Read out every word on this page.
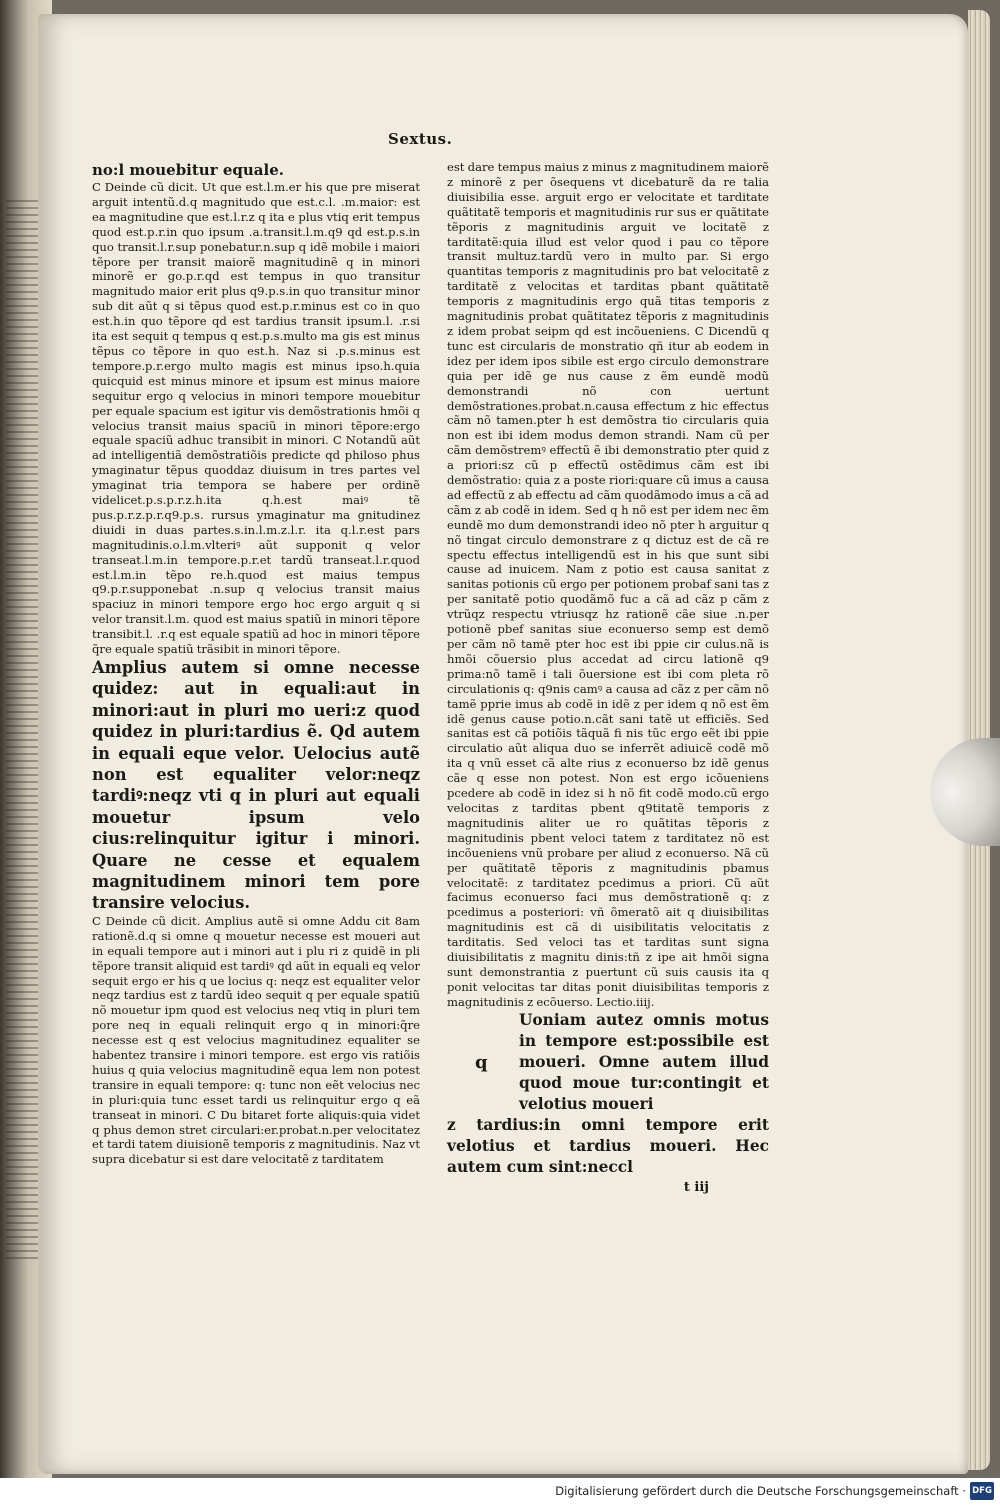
Sextus.
no:l mouebitur equale.
C Deinde cũ dicit. Ut que est.l.m.er his que pre miserat arguit intentũ.d.q magnitudo que est.c.l. .m.maior: est ea magnitudine que est.l.r.z q ita e plus vtiq erit tempus quod est.p.r.in quo ipsum .a.transit.l.m.q9 qd est.p.s.in quo transit.l.r.sup ponebatur.n.sup q idẽ mobile i maiori tẽpore per transit maiorẽ magnitudinẽ q in minori minorẽ er go.p.r.qd est tempus in quo transitur magnitudo maior erit plus q9.p.s.in quo transitur minor sub dit aũt q si tẽpus quod est.p.r.minus est co in quo est.h.in quo tẽpore qd est tardius transit ipsum.l. .r.si ita est sequit q tempus q est.p.s.multo ma gis est minus tẽpus co tẽpore in quo est.h. Naz si .p.s.minus est tempore.p.r.ergo multo magis est minus ipso.h.quia quicquid est minus minore et ipsum est minus maiore sequitur ergo q velocius in minori tempore mouebitur per equale spacium est igitur vis demõstrationis hmõi q velocius transit maius spaciũ in minori tẽpore:ergo equale spaciũ adhuc transibit in minori. C Notandũ aũt ad intelligentiã demõstratiõis predicte qd philoso phus ymaginatur tẽpus quoddaz diuisum in tres partes vel ymaginat tria tempora se habere per ordinẽ videlicet.p.s.p.r.z.h.ita q.h.est maiꝰ tẽ pus.p.r.z.p.r.q9.p.s. rursus ymaginatur ma gnitudinez diuidi in duas partes.s.in.l.m.z.l.r. ita q.l.r.est pars magnitudinis.o.l.m.vlteriꝰ aũt supponit q velor transeat.l.m.in tempore.p.r.et tardũ transeat.l.r.quod est.l.m.in tẽpo re.h.quod est maius tempus q9.p.r.supponebat .n.sup q velocius transit maius spaciuz in minori tempore ergo hoc ergo arguit q si velor transit.l.m. quod est maius spatiũ in minori tẽpore transibit.l. .r.q est equale spatiũ ad hoc in minori tẽpore q̃re equale spatiũ trãsibit in minori tẽpore.
Amplius autem si omne necesse quidez: aut in equali:aut in minori:aut in pluri mo ueri:z quod quidez in pluri:tardius ẽ. Qd autem in equali eque velor. Uelocius autẽ non est equaliter velor:neqz tardiꝰ:neqz vti q in pluri aut equali mouetur ipsum velo cius:relinquitur igitur i minori. Quare ne cesse et equalem magnitudinem minori tem pore transire velocius.
C Deinde cũ dicit. Amplius autẽ si omne Addu cit 8am rationẽ.d.q si omne q mouetur necesse est moueri aut in equali tempore aut i minori aut i plu ri z quidẽ in pli tẽpore transit aliquid est tardiꝰ qd aũt in equali eq velor sequit ergo er his q ue locius q: neqz est equaliter velor neqz tardius est z tardũ ideo sequit q per equale spatiũ nõ mouetur ipm quod est velocius neq vtiq in pluri tem pore neq in equali relinquit ergo q in minori:q̃re necesse est q est velocius magnitudinez equaliter se habentez transire i minori tempore. est ergo vis ratiõis huius q quia velocius magnitudinẽ equa lem non potest transire in equali tempore: q: tunc non eẽt velocius nec in pluri:quia tunc esset tardi us relinquitur ergo q eã transeat in minori. C Du bitaret forte aliquis:quia videt q phus demon stret circulari:er.probat.n.per velocitatez et tardi tatem diuisionẽ temporis z magnitudinis. Naz vt supra dicebatur si est dare velocitatẽ z tarditatem
est dare tempus maius z minus z magnitudinem maiorẽ z minorẽ z per õsequens vt dicebaturẽ da re talia diuisibilia esse. arguit ergo er velocitate et tarditate quãtitatẽ temporis et magnitudinis rur sus er quãtitate tẽporis z magnitudinis arguit ve locitatẽ z tarditatẽ:quia illud est velor quod i pau co tẽpore transit multuz.tardũ vero in multo par. Si ergo quantitas temporis z magnitudinis pro bat velocitatẽ z tarditatẽ z velocitas et tarditas pbant quãtitatẽ temporis z magnitudinis ergo quã titas temporis z magnitudinis probat quãtitatez tẽporis z magnitudinis z idem probat seipm qd est incõueniens. C Dicendũ q tunc est circularis de monstratio qñ itur ab eodem in idez per idem ipos sibile est ergo circulo demonstrare quia per idẽ ge nus cause z ẽm eundẽ modũ demonstrandi nõ con uertunt demõstrationes.probat.n.causa effectum z hic effectus cãm nõ tamen.pter h est demõstra tio circularis quia non est ibi idem modus demon strandi. Nam cũ per cãm demõstremꝰ effectũ ẽ ibi demonstratio pter quid z a priori:sz cũ p effectũ ostẽdimus cãm est ibi demõstratio: quia z a poste riori:quare cũ imus a causa ad effectũ z ab effectu ad cãm quodãmodo imus a cã ad cãm z ab codẽ in idem. Sed q h nõ est per idem nec ẽm eundẽ mo dum demonstrandi ideo nõ pter h arguitur q nõ tingat circulo demonstrare z q dictuz est de cã re spectu effectus intelligendũ est in his que sunt sibi cause ad inuicem. Nam z potio est causa sanitat z sanitas potionis cũ ergo per potionem probaf sani tas z per sanitatẽ potio quodãmõ fuc a cã ad cãz p cãm z vtrũqz respectu vtriusqz hz rationẽ cãe siue .n.per potionẽ pbef sanitas siue econuerso semp est demõ per cãm nõ tamẽ pter hoc est ibi ppie cir culus.nã is hmõi cõuersio plus accedat ad circu lationẽ q9 prima:nõ tamẽ i tali õuersione est ibi com pleta rõ circulationis q: q9nis camꝰ a causa ad cãz z per cãm nõ tamẽ pprie imus ab codẽ in idẽ z per idem q nõ est ẽm idẽ genus cause potio.n.cãt sani tatẽ ut efficiẽs. Sed sanitas est cã potiõis tãquã fi nis tũc ergo eẽt ibi ppie circulatio aũt aliqua duo se inferrẽt adiuicẽ codẽ mõ ita q vnũ esset cã alte rius z econuerso bz idẽ genus cãe q esse non potest. Non est ergo icõueniens pcedere ab codẽ in idez si h nõ fit codẽ modo.cũ ergo velocitas z tarditas pbent q9titatẽ temporis z magnitudinis aliter ue ro quãtitas tẽporis z magnitudinis pbent veloci tatem z tarditatez nõ est incõueniens vnũ probare per aliud z econuerso. Nã cũ per quãtitatẽ tẽporis z magnitudinis pbamus velocitatẽ: z tarditatez pcedimus a priori. Cũ aũt facimus econuerso faci mus demõstrationẽ q: z pcedimus a posteriori: vñ õmeratõ ait q diuisibilitas magnitudinis est cã di uisibilitatis velocitatis z tarditatis. Sed veloci tas et tarditas sunt signa diuisibilitatis z magnitu dinis:tñ z ipe ait hmõi signa sunt demonstrantia z puertunt cũ suis causis ita q ponit velocitas tar ditas ponit diuisibilitas temporis z magnitudinis z ecõuerso. Lectio.iiij.
q
Uoniam autez omnis motus in tempore est:possibile est moueri. Omne autem illud quod moue tur:contingit et velotius moueri
z tardius:in omni tempore erit velotius et tardius moueri. Hec autem cum sint:neccl
t iij
Digitalisierung gefördert durch die Deutsche Forschungsgemeinschaft · DFG
